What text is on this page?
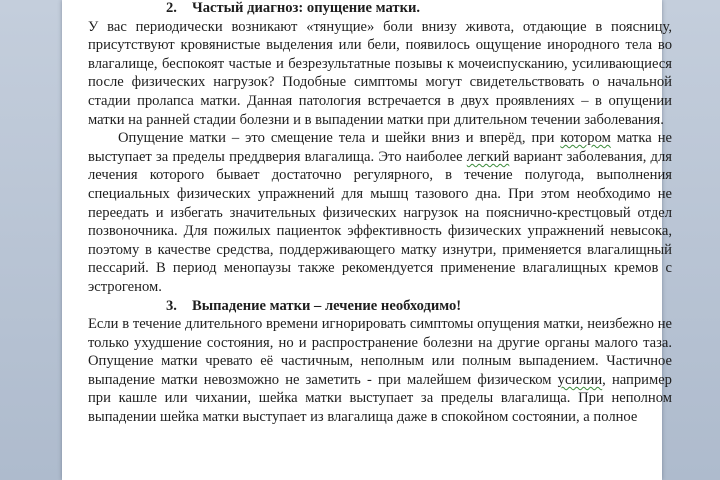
2. Частый диагноз: опущение матки.

У вас периодически возникают «тянущие» боли внизу живота, отдающие в поясницу, присутствуют кровянистые выделения или бели, появилось ощущение инородного тела во влагалище, беспокоят частые и безрезультатные позывы к мочеиспусканию, усиливающиеся после физических нагрузок? Подобные симптомы могут свидетельствовать о начальной стадии пролапса матки. Данная патология встречается в двух проявлениях – в опущении матки на ранней стадии болезни и в выпадении матки при длительном течении заболевания.

Опущение матки – это смещение тела и шейки вниз и вперёд, при котором матка не выступает за пределы преддверия влагалища. Это наиболее легкий вариант заболевания, для лечения которого бывает достаточно регулярного, в течение полугода, выполнения специальных физических упражнений для мышц тазового дна. При этом необходимо не переедать и избегать значительных физических нагрузок на пояснично-крестцовый отдел позвоночника. Для пожилых пациенток эффективность физических упражнений невысока, поэтому в качестве средства, поддерживающего матку изнутри, применяется влагалищный пессарий. В период менопаузы также рекомендуется применение влагалищных кремов с эстрогеном.

3. Выпадение матки – лечение необходимо!

Если в течение длительного времени игнорировать симптомы опущения матки, неизбежно не только ухудшение состояния, но и распространение болезни на другие органы малого таза. Опущение матки чревато её частичным, неполным или полным выпадением. Частичное выпадение матки невозможно не заметить - при малейшем физическом усилии, например при кашле или чихании, шейка матки выступает за пределы влагалища. При неполном выпадении шейка матки выступает из влагалища даже в спокойном состоянии, а полное
